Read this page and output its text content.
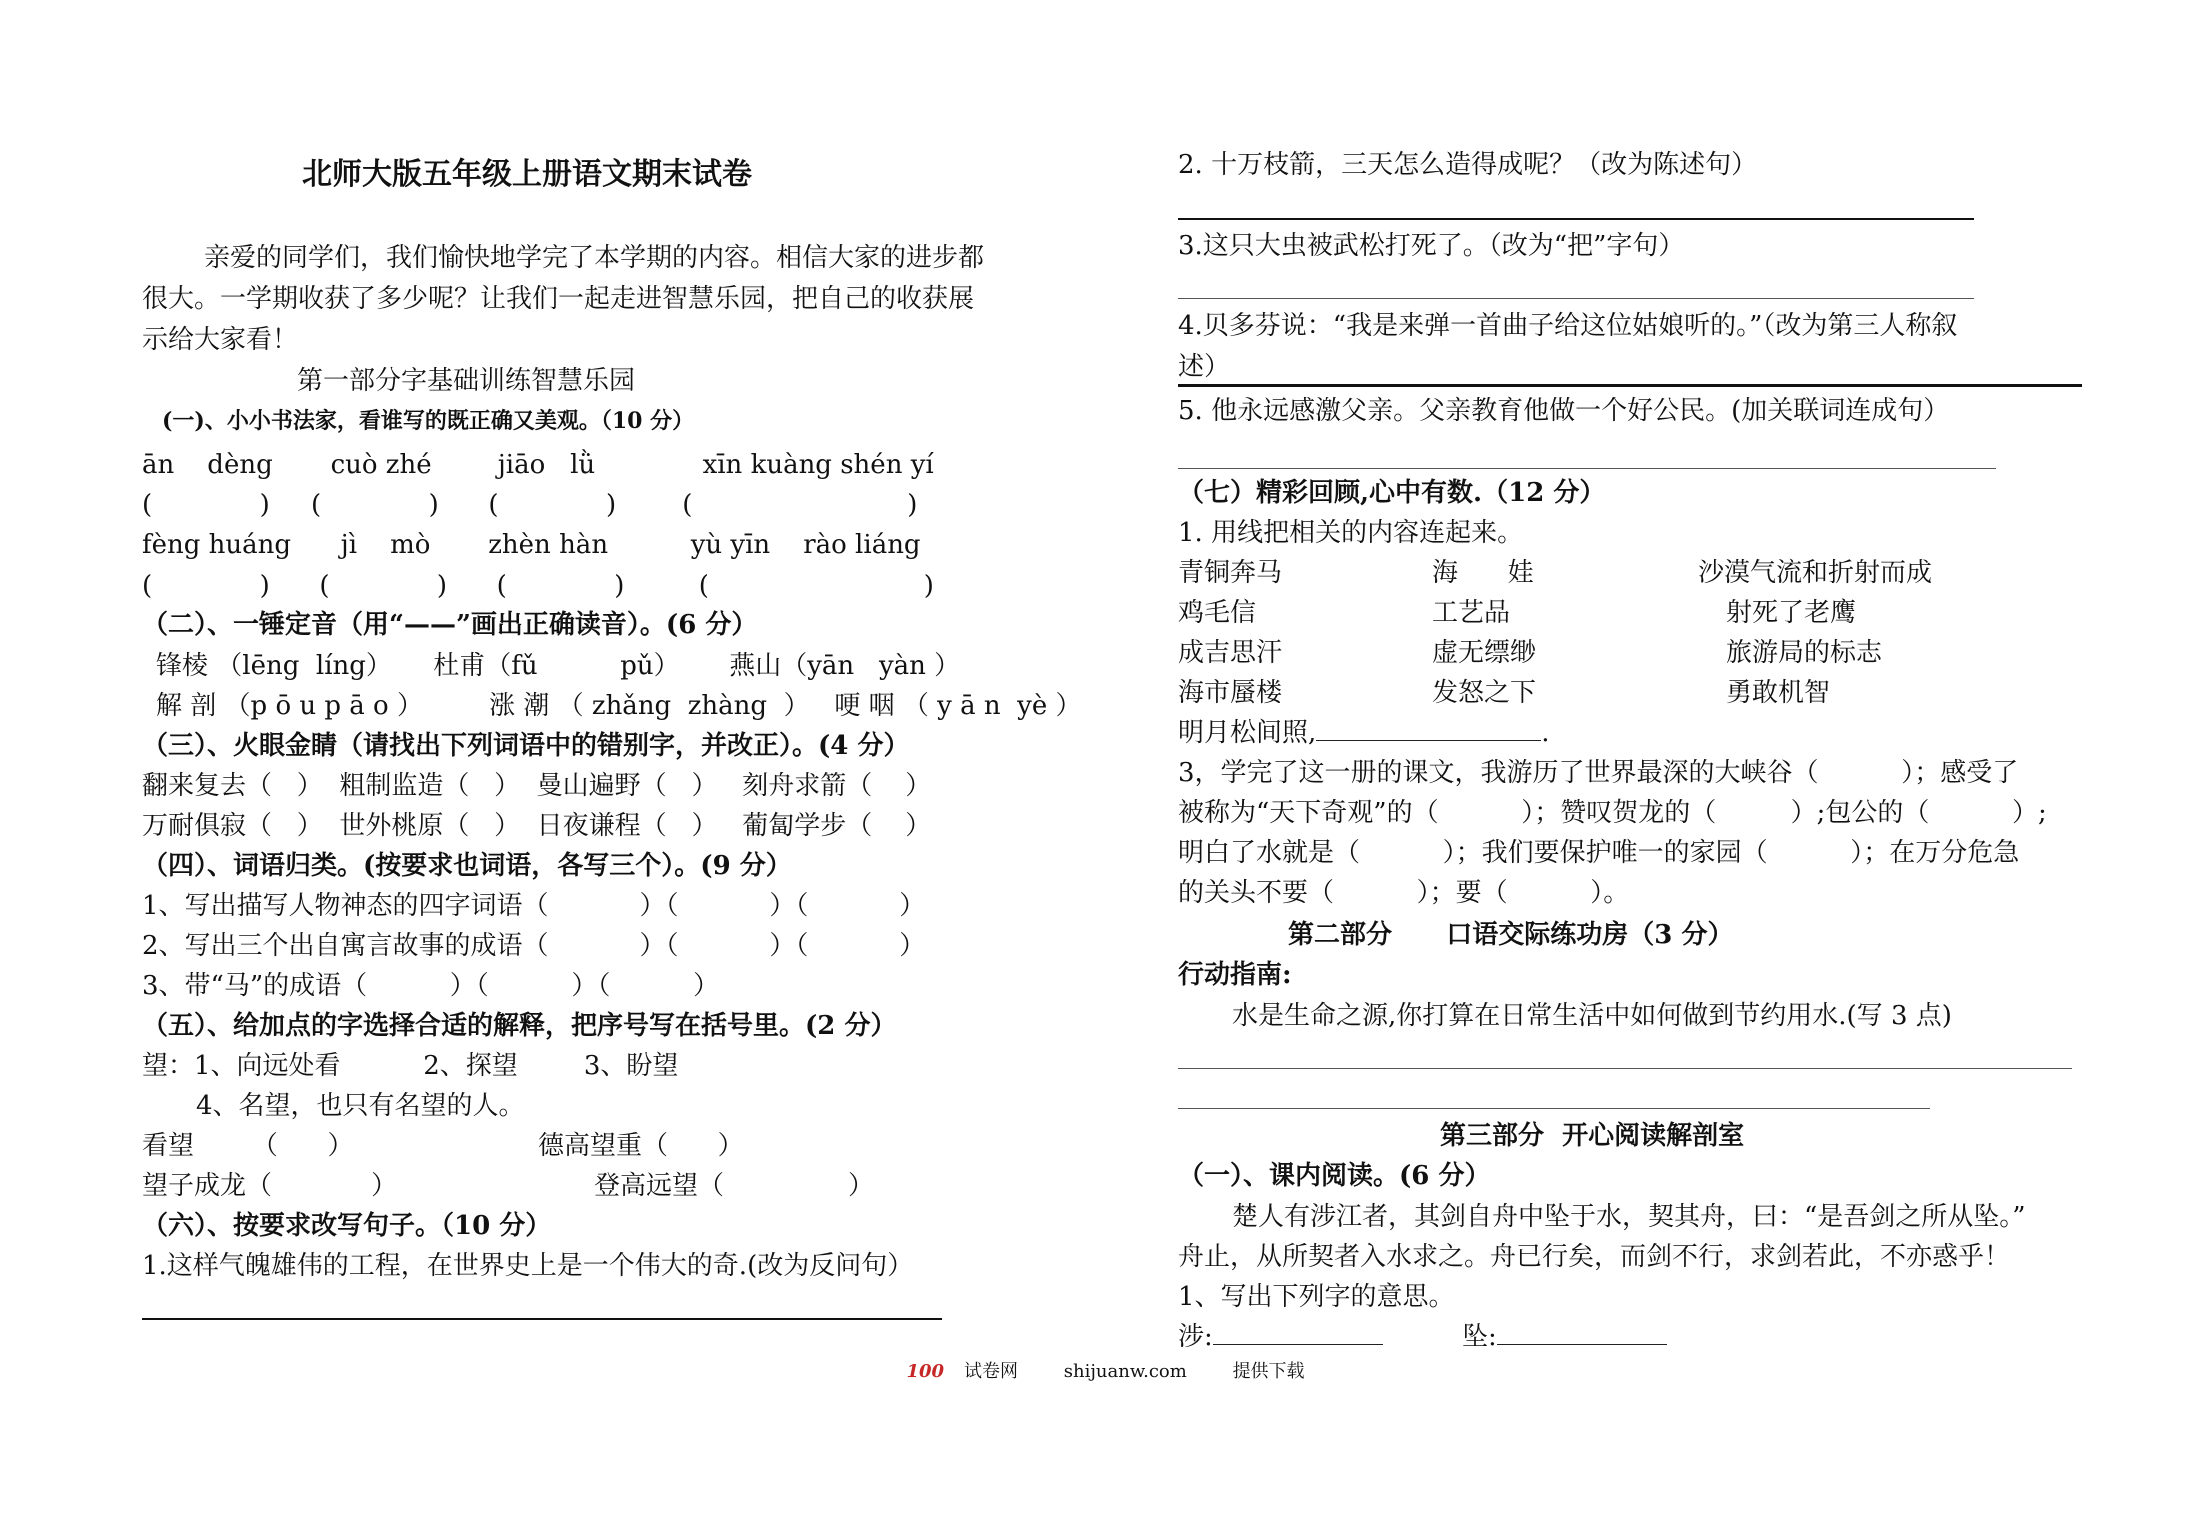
北师大版五年级上册语文期末试卷
亲爱的同学们，我们愉快地学完了本学期的内容。相信大家的进步都
很大。一学期收获了多少呢？让我们一起走进智慧乐园，把自己的收获展
示给大家看！
第一部分字基础训练智慧乐园
(一)、小小书法家，看谁写的既正确又美观。（10 分）
ān    dèng       cuò zhé        jiāo   lǜ             xīn kuàng shén yí
(             )     (             )      (             )        (                          )
fèng huáng      jì    mò       zhèn hàn          yù yīn    rào liáng
(             )      (             )      (             )         (                          )
（二）、一锤定音（用“——”画出正确读音）。(6 分）
锋棱 （lēng  líng）     杜甫（fǔ          pǔ）      燕山（yān   yàn ）
解 剖 （p ō u p ā o ）        涨 潮 （ zhǎng  zhàng  ）   哽 咽 （ y ā n  yè ）
（三）、火眼金睛（请找出下列词语中的错别字，并改正）。(4 分）
翻来复去（   ）  粗制监造（   ）  曼山遍野（   ）   刻舟求箭（    ）
万耐俱寂（   ）  世外桃原（   ）  日夜谦程（   ）   葡匐学步（    ）
（四）、词语归类。(按要求也词语，各写三个）。(9 分）
1、写出描写人物神态的四字词语（           ）（           ）（           ）
2、写出三个出自寓言故事的成语（           ）（           ）（           ）
3、带“马”的成语（          ）（          ）（          ）
（五）、给加点的字选择合适的解释，把序号写在括号里。(2 分）
望：1、向远处看          2、探望        3、盼望
4、名望，也只有名望的人。
看望       （      ）	德高望重（      ）
望子成龙（            ）	登高远望（               ）
（六）、按要求改写句子。（10 分）
1.这样气魄雄伟的工程，在世界史上是一个伟大的奇.(改为反问句）
2. 十万枝箭，三天怎么造得成呢？（改为陈述句）
3.这只大虫被武松打死了。（改为“把”字句）
4.贝多芬说：“我是来弹一首曲子给这位姑娘听的。”（改为第三人称叙
述）
5. 他永远感激父亲。父亲教育他做一个好公民。(加关联词连成句）
（七）精彩回顾,心中有数.（12 分）
1. 用线把相关的内容连起来。
青铜奔马	海      娃	沙漠气流和折射而成
鸡毛信	工艺品	射死了老鹰
成吉思汗	虚无缥缈	旅游局的标志
海市蜃楼	发怒之下	勇敢机智
明月松间照,	.
3，学完了这一册的课文，我游历了世界最深的大峡谷（          ）；感受了
被称为“天下奇观”的（          ）；赞叹贺龙的（         ）;包公的（          ）;
明白了水就是（          ）；我们要保护唯一的家园（          ）；在万分危急
的关头不要（          ）；要（          ）。
第二部分      口语交际练功房（3 分）
行动指南:
水是生命之源,你打算在日常生活中如何做到节约用水.(写 3 点)
第三部分  开心阅读解剖室
（一）、课内阅读。(6 分）
楚人有涉江者，其剑自舟中坠于水，契其舟，曰：“是吾剑之所从坠。”
舟止，从所契者入水求之。舟已行矣，而剑不行，求剑若此，不亦惑乎！
1、写出下列字的意思。
涉:	坠:
100 试卷网	shijuanw.com	提供下载
